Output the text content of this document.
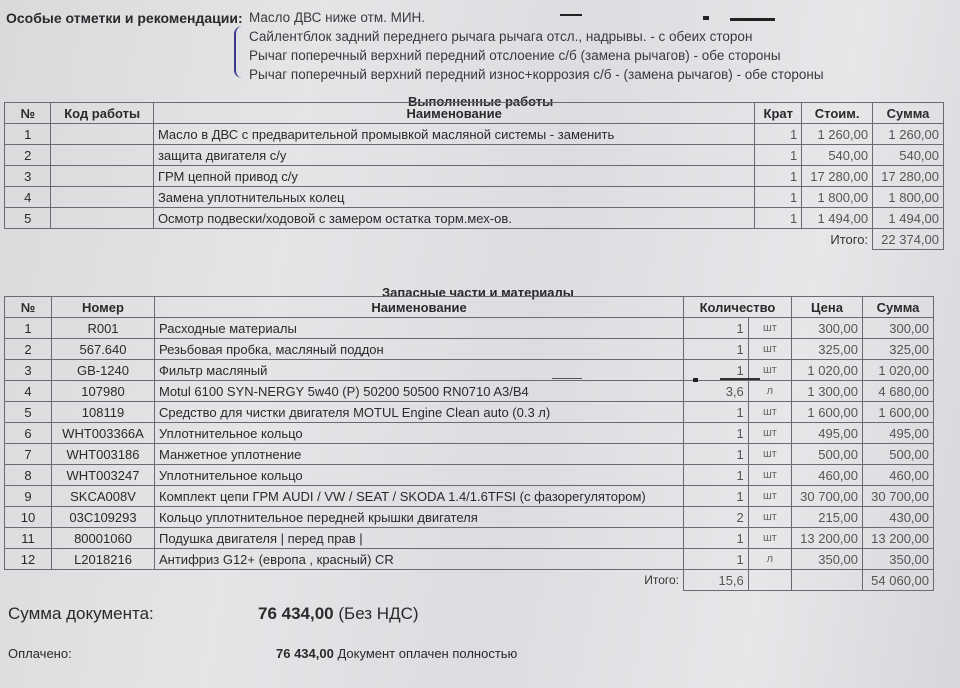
Особые отметки и рекомендации: Масло ДВС ниже отм. МИН.
Сайлентблок задний переднего рычага рычага отсл., надрывы. - с обеих сторон
Рычаг поперечный верхний передний отслоение с/б (замена рычагов) - обе стороны
Рычаг поперечный верхний передний износ+коррозия с/б - (замена рычагов) - обе стороны
Выполненные работы
№	Код работы	Наименование	Крат	Стоим.	Сумма
1		Масло в ДВС с предварительной промывкой масляной системы - заменить	1	1 260,00	1 260,00
2		защита двигателя с/у	1	540,00	540,00
3		ГРМ цепной привод с/у	1	17 280,00	17 280,00
4		Замена уплотнительных колец	1	1 800,00	1 800,00
5		Осмотр подвески/ходовой с замером остатка торм.мех-ов.	1	1 494,00	1 494,00
				Итого:	22 374,00
Запасные части и материалы
№	Номер	Наименование	Количество		Цена	Сумма
1	R001	Расходные материалы	1	шт	300,00	300,00
2	567.640	Резьбовая пробка, масляный поддон	1	шт	325,00	325,00
3	GB-1240	Фильтр масляный	1	шт	1 020,00	1 020,00
4	107980	Motul 6100 SYN-NERGY 5w40 (P) 50200 50500 RN0710 A3/B4	3,6	л	1 300,00	4 680,00
5	108119	Средство для чистки двигателя MOTUL Engine Clean auto (0.3 л)	1	шт	1 600,00	1 600,00
6	WHT003366A	Уплотнительное кольцо	1	шт	495,00	495,00
7	WHT003186	Манжетное уплотнение	1	шт	500,00	500,00
8	WHT003247	Уплотнительное кольцо	1	шт	460,00	460,00
9	SKCA008V	Комплект цепи ГРМ AUDI / VW / SEAT / SKODA 1.4/1.6TFSI (с фазорегулятором)	1	шт	30 700,00	30 700,00
10	03C109293	Кольцо уплотнительное передней крышки двигателя	2	шт	215,00	430,00
11	80001060	Подушка двигателя | перед прав |	1	шт	13 200,00	13 200,00
12	L2018216	Антифриз G12+ (европа , красный) CR	1	л	350,00	350,00
		Итого:	15,6			54 060,00
Сумма документа:	76 434,00 (Без НДС)
Оплачено:	76 434,00 Документ оплачен полностью
